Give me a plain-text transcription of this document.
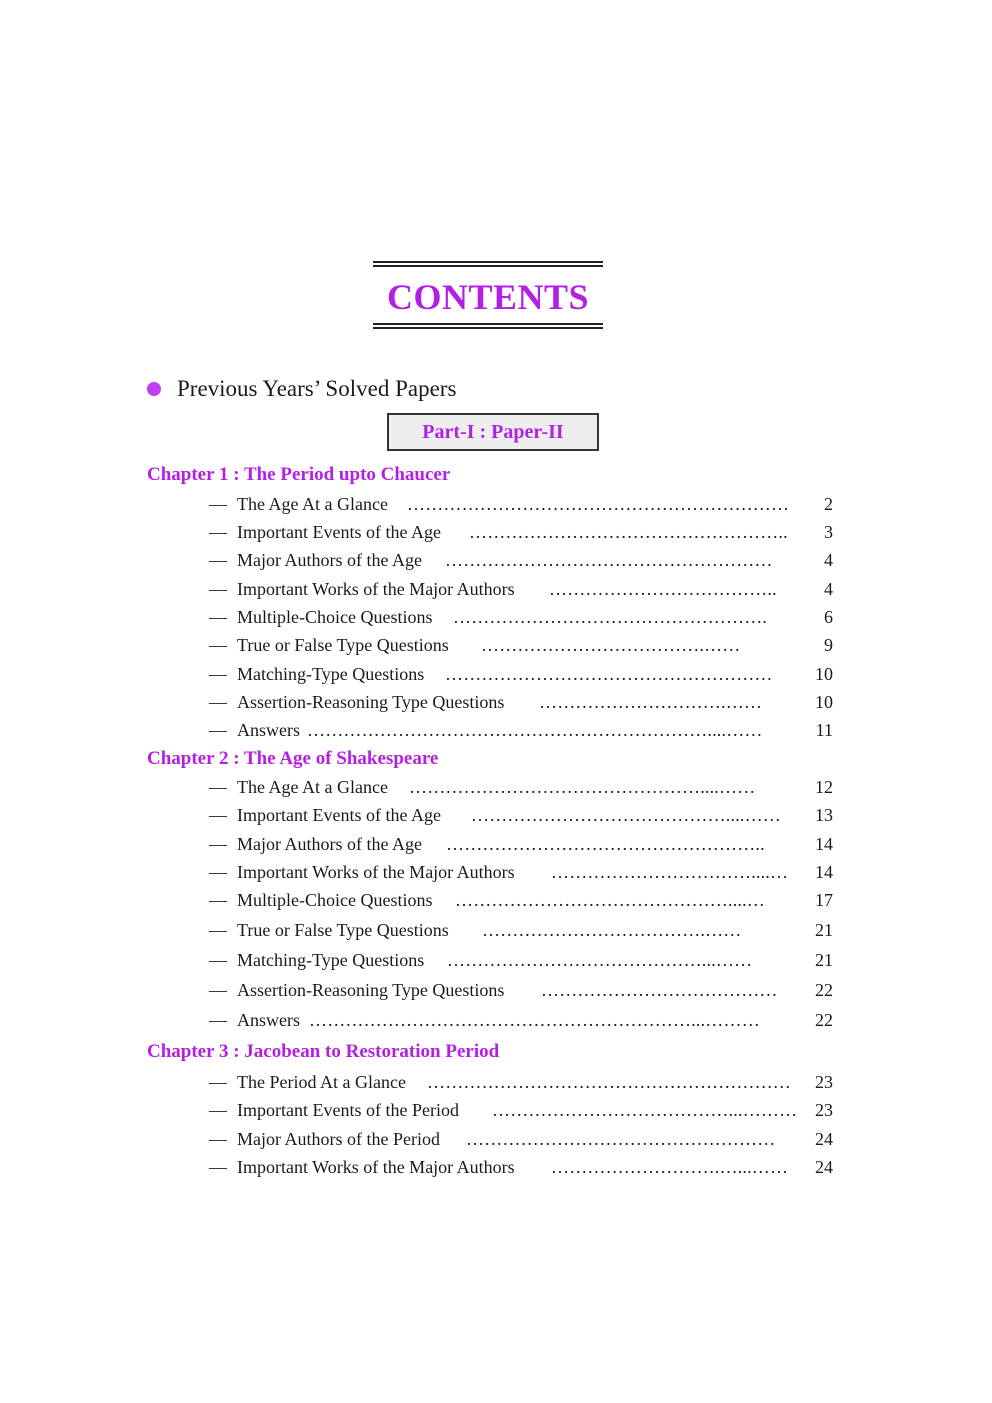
CONTENTS
Previous Years’ Solved Papers
Part-I : Paper-II
Chapter 1 : The Period upto Chaucer
— The Age At a Glance ………………………………………………………	2
— Important Events of the Age ……………………………………………..	3
— Major Authors of the Age ………………………………………………	4
— Important Works of the Major Authors ………………………………..	4
— Multiple-Choice Questions …………………………………………….	6
— True or False Type Questions ……………………………….……	9
— Matching-Type Questions ………………………………………………	10
— Assertion-Reasoning Type Questions ………………………….……	10
— Answers …………………………………………………………....……	11
Chapter 2 : The Age of Shakespeare
— The Age At a Glance …………………………………………....……	12
— Important Events of the Age ……………………………………....……	13
— Major Authors of the Age ……………………………………………..	14
— Important Works of the Major Authors ……………………………....…	14
— Multiple-Choice Questions ………………………………………....…	17
— True or False Type Questions ……………………………….……	21
— Matching-Type Questions ……………………………………...……	21
— Assertion-Reasoning Type Questions …………………………………	22
— Answers ………………………………………………………...………	22
Chapter 3 : Jacobean to Restoration Period
— The Period At a Glance ……………………………………………………	23
— Important Events of the Period …………………………………...……… 23
— Major Authors of the Period ……………………………………………	24
— Important Works of the Major Authors ……………………….…...……	24
